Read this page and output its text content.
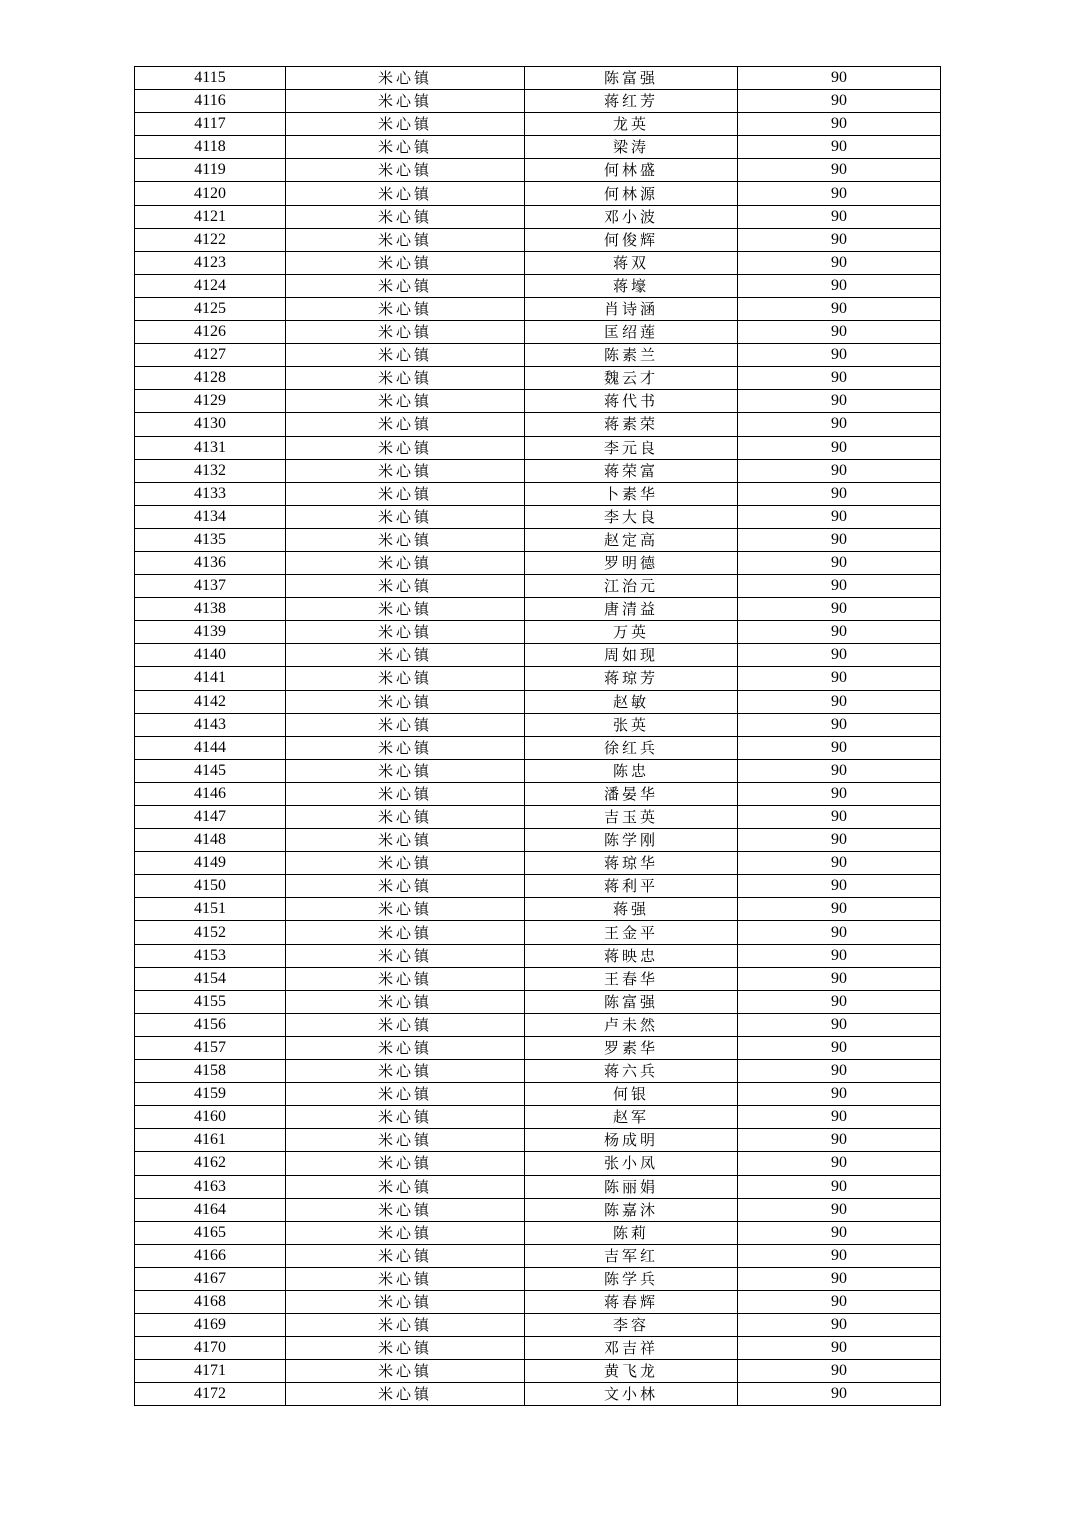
4115	米心镇	陈富强	90
4116	米心镇	蒋红芳	90
4117	米心镇	龙英	90
4118	米心镇	梁涛	90
4119	米心镇	何林盛	90
4120	米心镇	何林源	90
4121	米心镇	邓小波	90
4122	米心镇	何俊辉	90
4123	米心镇	蒋双	90
4124	米心镇	蒋壕	90
4125	米心镇	肖诗涵	90
4126	米心镇	匡绍莲	90
4127	米心镇	陈素兰	90
4128	米心镇	魏云才	90
4129	米心镇	蒋代书	90
4130	米心镇	蒋素荣	90
4131	米心镇	李元良	90
4132	米心镇	蒋荣富	90
4133	米心镇	卜素华	90
4134	米心镇	李大良	90
4135	米心镇	赵定高	90
4136	米心镇	罗明德	90
4137	米心镇	江治元	90
4138	米心镇	唐清益	90
4139	米心镇	万英	90
4140	米心镇	周如现	90
4141	米心镇	蒋琼芳	90
4142	米心镇	赵敏	90
4143	米心镇	张英	90
4144	米心镇	徐红兵	90
4145	米心镇	陈忠	90
4146	米心镇	潘晏华	90
4147	米心镇	吉玉英	90
4148	米心镇	陈学刚	90
4149	米心镇	蒋琼华	90
4150	米心镇	蒋利平	90
4151	米心镇	蒋强	90
4152	米心镇	王金平	90
4153	米心镇	蒋映忠	90
4154	米心镇	王春华	90
4155	米心镇	陈富强	90
4156	米心镇	卢未然	90
4157	米心镇	罗素华	90
4158	米心镇	蒋六兵	90
4159	米心镇	何银	90
4160	米心镇	赵军	90
4161	米心镇	杨成明	90
4162	米心镇	张小凤	90
4163	米心镇	陈丽娟	90
4164	米心镇	陈嘉沐	90
4165	米心镇	陈莉	90
4166	米心镇	吉军红	90
4167	米心镇	陈学兵	90
4168	米心镇	蒋春辉	90
4169	米心镇	李容	90
4170	米心镇	邓吉祥	90
4171	米心镇	黄飞龙	90
4172	米心镇	文小林	90
